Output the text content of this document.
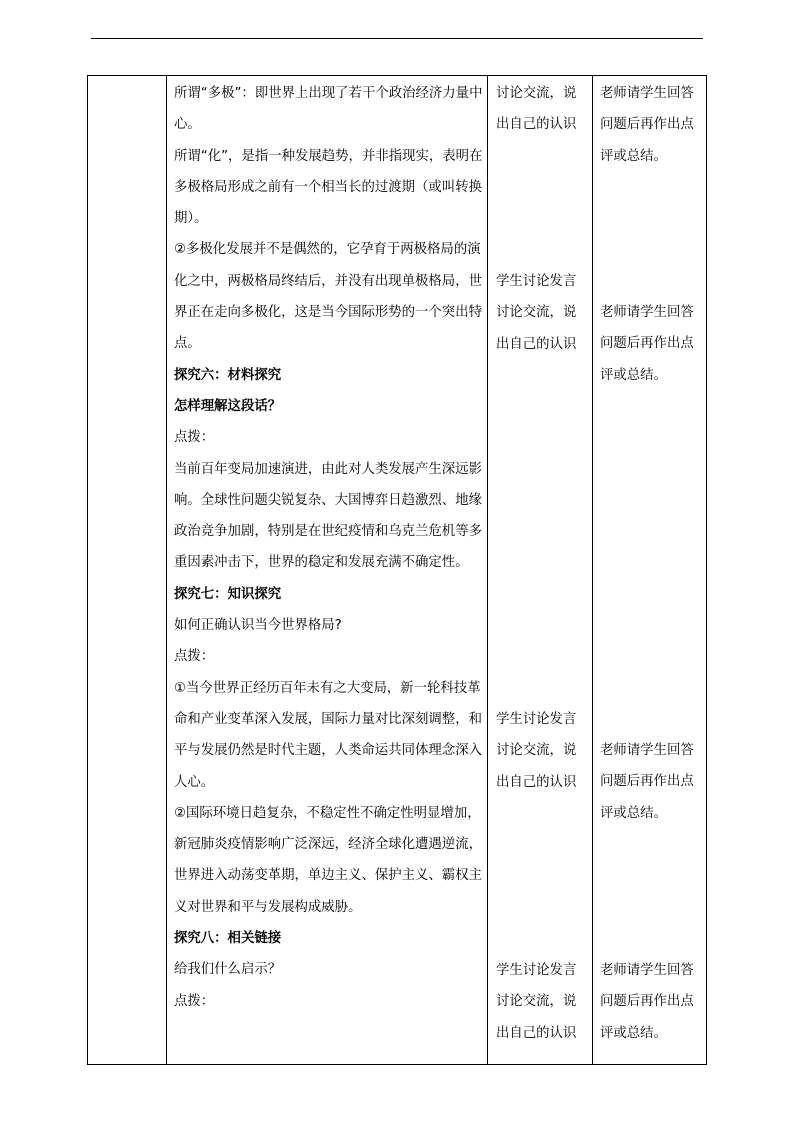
所谓“多极”：即世界上出现了若干个政治经济力量中心。

所谓“化”，是指一种发展趋势，并非指现实，表明在多极格局形成之前有一个相当长的过渡期（或叫转换期）。

②多极化发展并不是偶然的，它孕育于两极格局的演化之中，两极格局终结后，并没有出现单极格局，世界正在走向多极化，这是当今国际形势的一个突出特点。

探究六：材料探究

怎样理解这段话？

点拨：

当前百年变局加速演进，由此对人类发展产生深远影响。全球性问题尖锐复杂、大国博弈日趋激烈、地缘政治竞争加剧，特别是在世纪疫情和乌克兰危机等多重因素冲击下，世界的稳定和发展充满不确定性。

探究七：知识探究

如何正确认识当今世界格局?

点拨：

①当今世界正经历百年未有之大变局，新一轮科技革命和产业变革深入发展，国际力量对比深刻调整，和平与发展仍然是时代主题，人类命运共同体理念深入人心。

②国际环境日趋复杂，不稳定性不确定性明显增加，新冠肺炎疫情影响广泛深远，经济全球化遭遇逆流，世界进入动荡变革期，单边主义、保护主义、霸权主义对世界和平与发展构成威胁。

探究八：相关链接

给我们什么启示？

点拨：

讨论交流，说出自己的认识
学生讨论发言讨论交流，说出自己的认识
学生讨论发言讨论交流，说出自己的认识
学生讨论发言讨论交流，说出自己的认识
老师请学生回答问题后再作出点评或总结。
老师请学生回答问题后再作出点评或总结。
老师请学生回答问题后再作出点评或总结。
老师请学生回答问题后再作出点评或总结。
